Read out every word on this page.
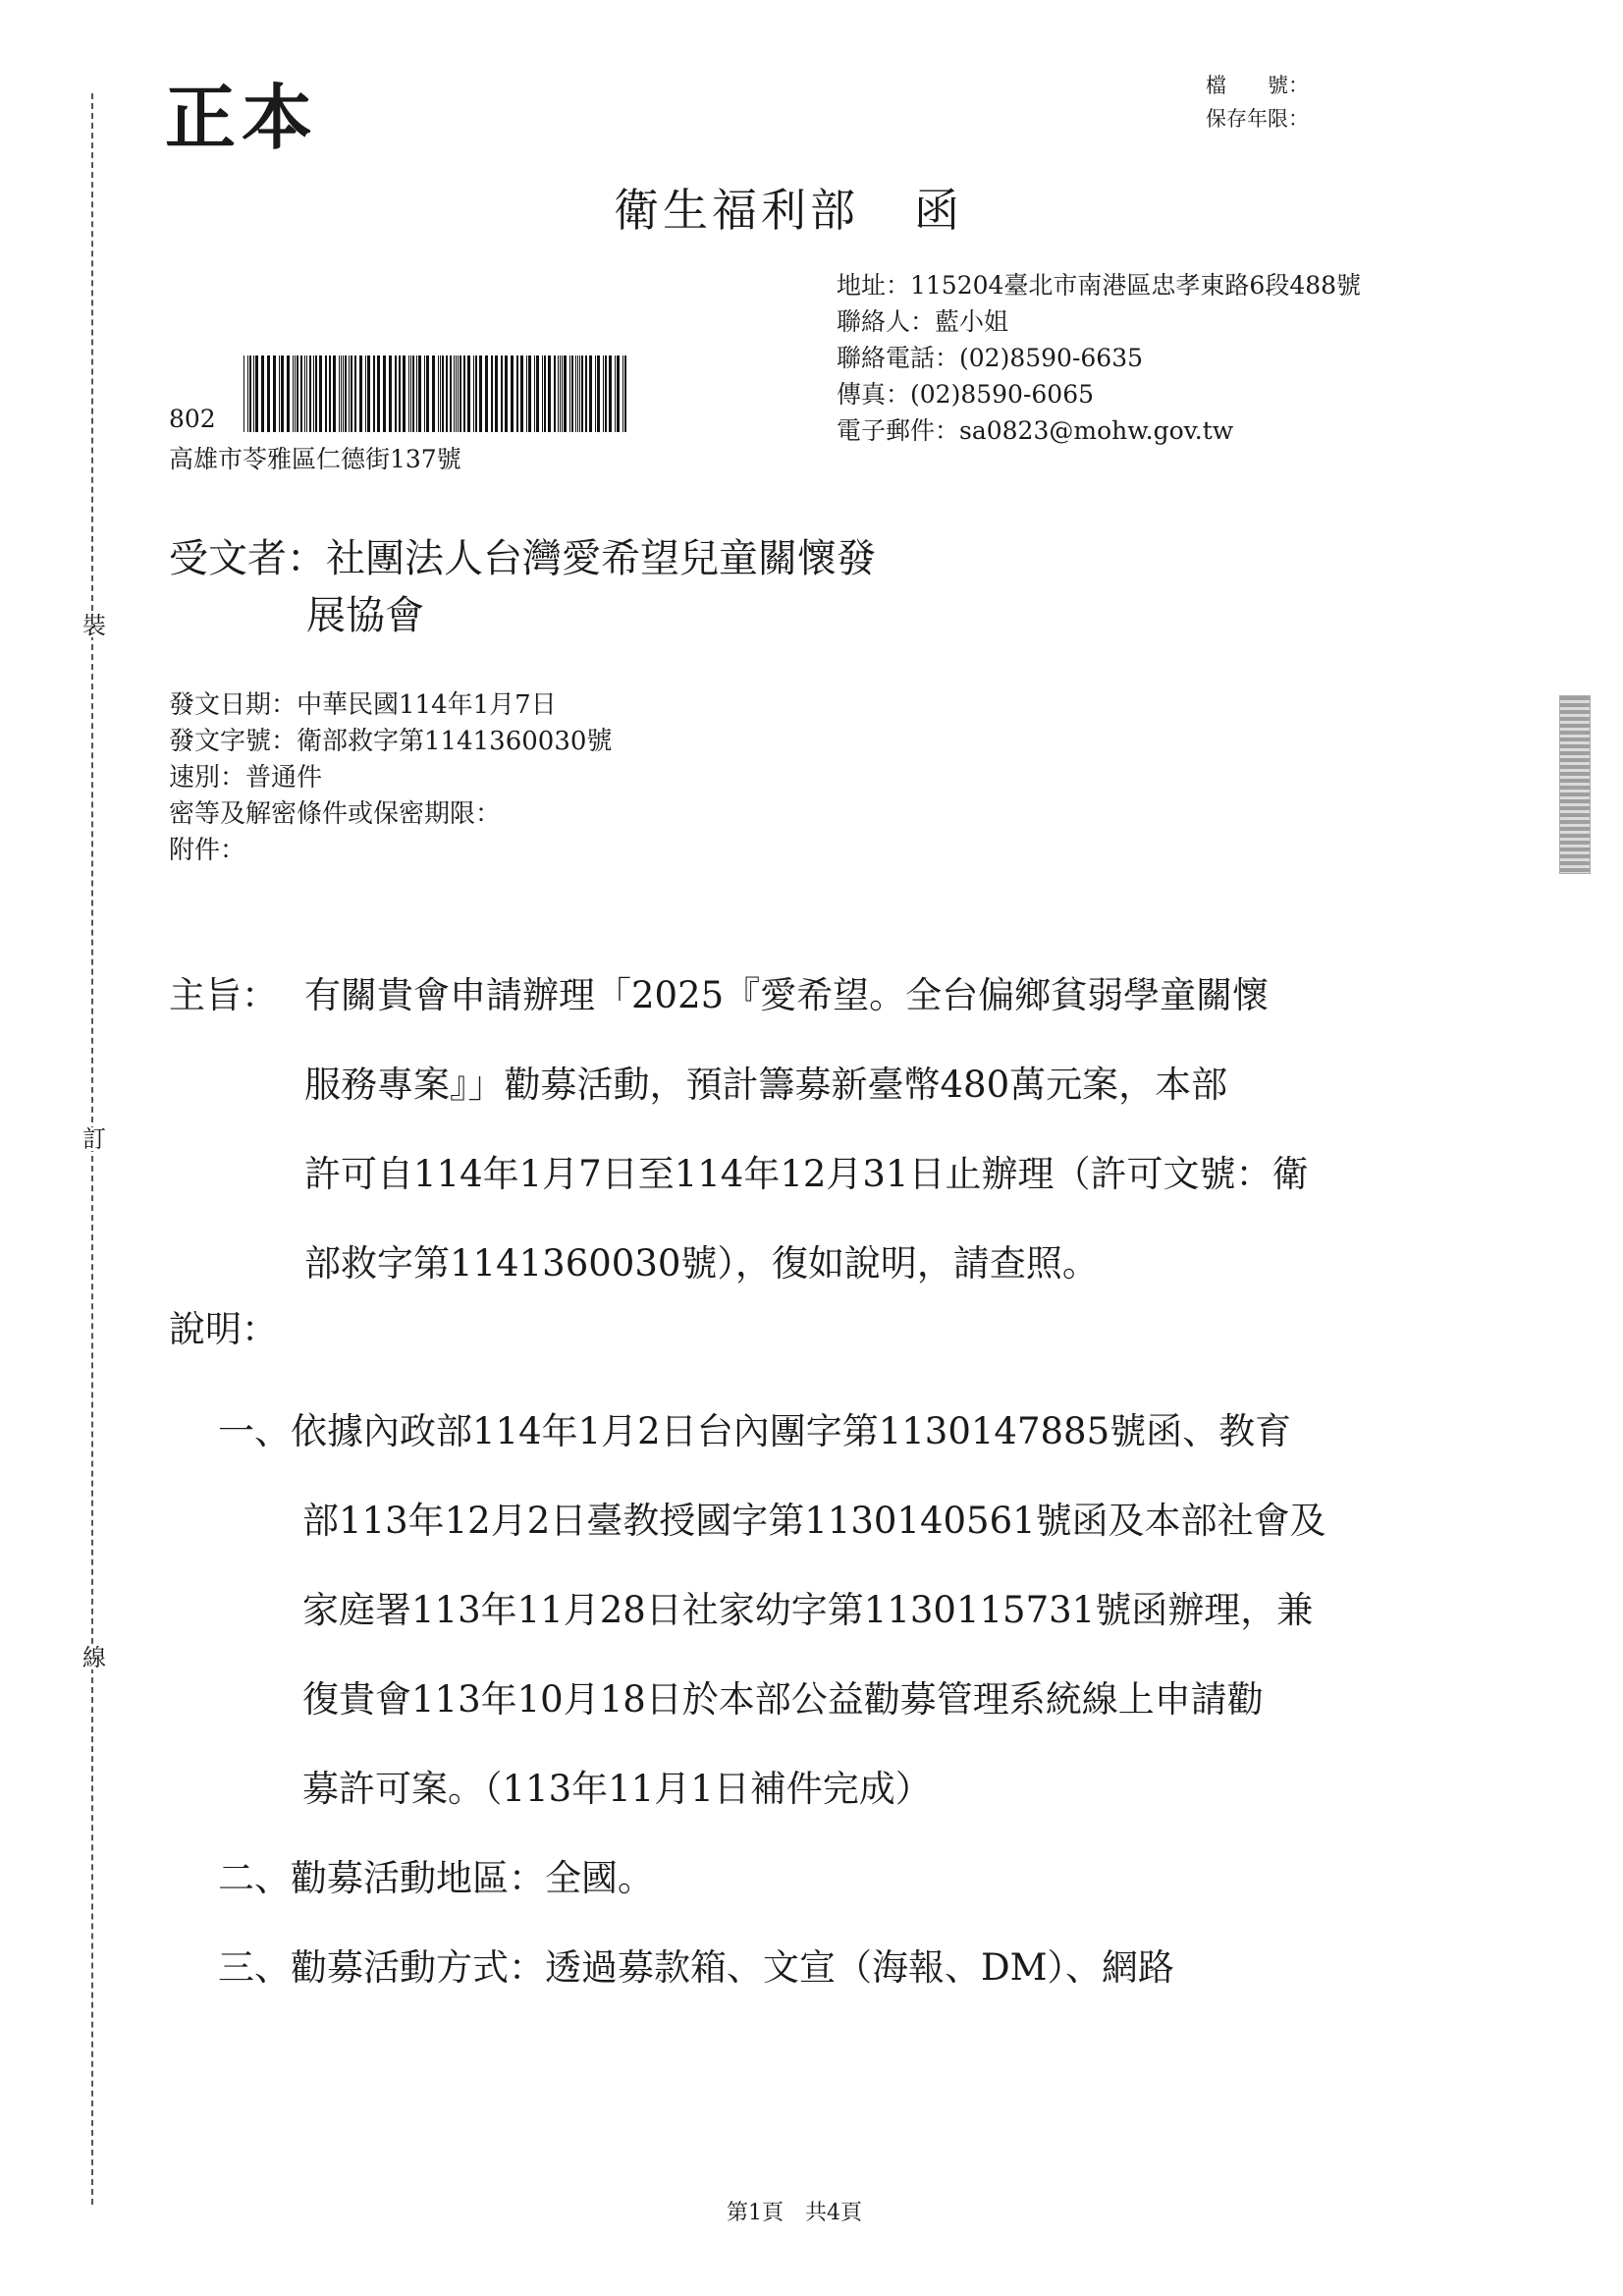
裝
訂
線
正本	檔　　號：
保存年限：
衛生福利部 函
地址：115204臺北市南港區忠孝東路6段488號
聯絡人：藍小姐
聯絡電話：(02)8590-6635
傳真：(02)8590-6065
電子郵件：sa0823@mohw.gov.tw
802
高雄市苓雅區仁德街137號
受文者：社團法人台灣愛希望兒童關懷發
展協會
發文日期：中華民國114年1月7日
發文字號：衛部救字第1141360030號
速別：普通件
密等及解密條件或保密期限：
附件：
主旨： 有關貴會申請辦理「2025『愛希望。全台偏鄉貧弱學童關懷
服務專案』」勸募活動，預計籌募新臺幣480萬元案，本部
許可自114年1月7日至114年12月31日止辦理（許可文號：衛
部救字第1141360030號），復如說明，請查照。
說明：
一、依據內政部114年1月2日台內團字第1130147885號函、教育
部113年12月2日臺教授國字第1130140561號函及本部社會及
家庭署113年11月28日社家幼字第1130115731號函辦理，兼
復貴會113年10月18日於本部公益勸募管理系統線上申請勸
募許可案。（113年11月1日補件完成）
二、勸募活動地區：全國。
三、勸募活動方式：透過募款箱、文宣（海報、DM）、網路
第1頁　共4頁
